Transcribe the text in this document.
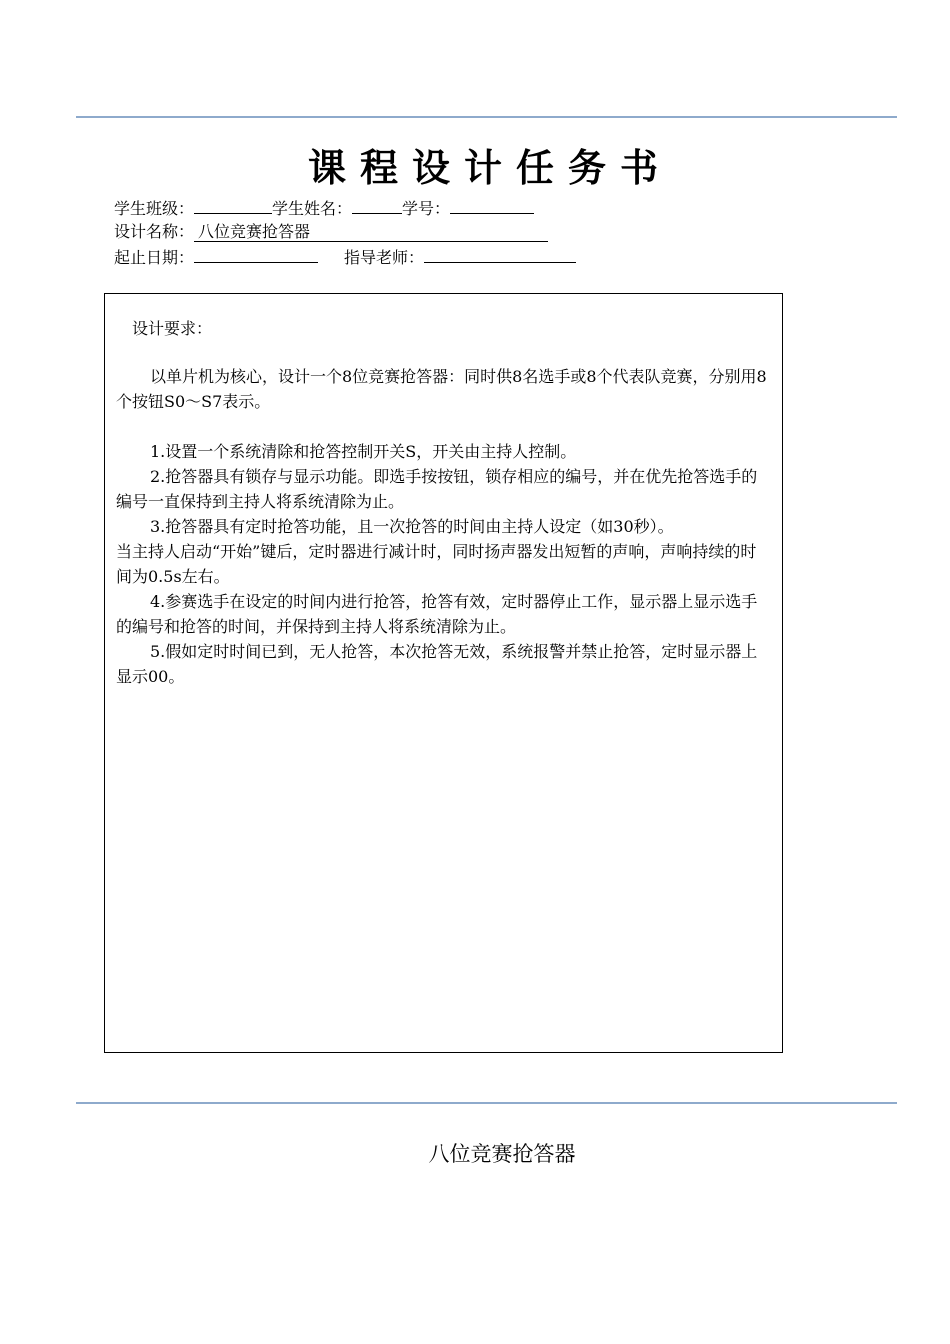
课程设计任务书
学生班级：	学生姓名：	学号：
设计名称： 八位竞赛抢答器
起止日期：	指导老师：
设计要求：

以单片机为核心，设计一个8位竞赛抢答器：同时供8名选手或8个代表队竞赛，分别用8个按钮S0～S7表示。

1.设置一个系统清除和抢答控制开关S，开关由主持人控制。

2.抢答器具有锁存与显示功能。即选手按按钮，锁存相应的编号，并在优先抢答选手的编号一直保持到主持人将系统清除为止。

3.抢答器具有定时抢答功能，且一次抢答的时间由主持人设定（如30秒）。

当主持人启动“开始”键后，定时器进行减计时，同时扬声器发出短暂的声响，声响持续的时间为0.5s左右。

4.参赛选手在设定的时间内进行抢答，抢答有效，定时器停止工作，显示器上显示选手的编号和抢答的时间，并保持到主持人将系统清除为止。

5.假如定时时间已到，无人抢答，本次抢答无效，系统报警并禁止抢答，定时显示器上显示00。

八位竞赛抢答器
